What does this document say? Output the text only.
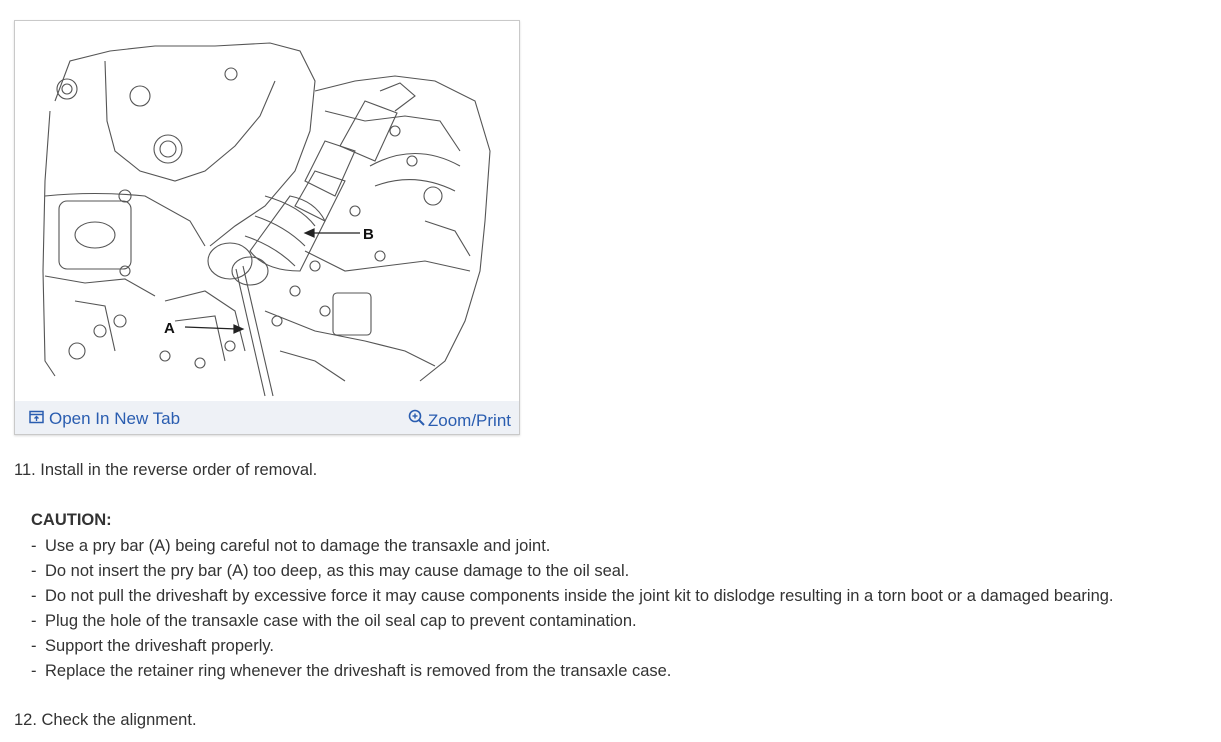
B
A
Open In New Tab	Zoom/Print
11. Install in the reverse order of removal.
CAUTION:
- Use a pry bar (A) being careful not to damage the transaxle and joint.
- Do not insert the pry bar (A) too deep, as this may cause damage to the oil seal.
- Do not pull the driveshaft by excessive force it may cause components inside the joint kit to dislodge resulting in a torn boot or a damaged bearing.
- Plug the hole of the transaxle case with the oil seal cap to prevent contamination.
- Support the driveshaft properly.
- Replace the retainer ring whenever the driveshaft is removed from the transaxle case.
12. Check the alignment.
